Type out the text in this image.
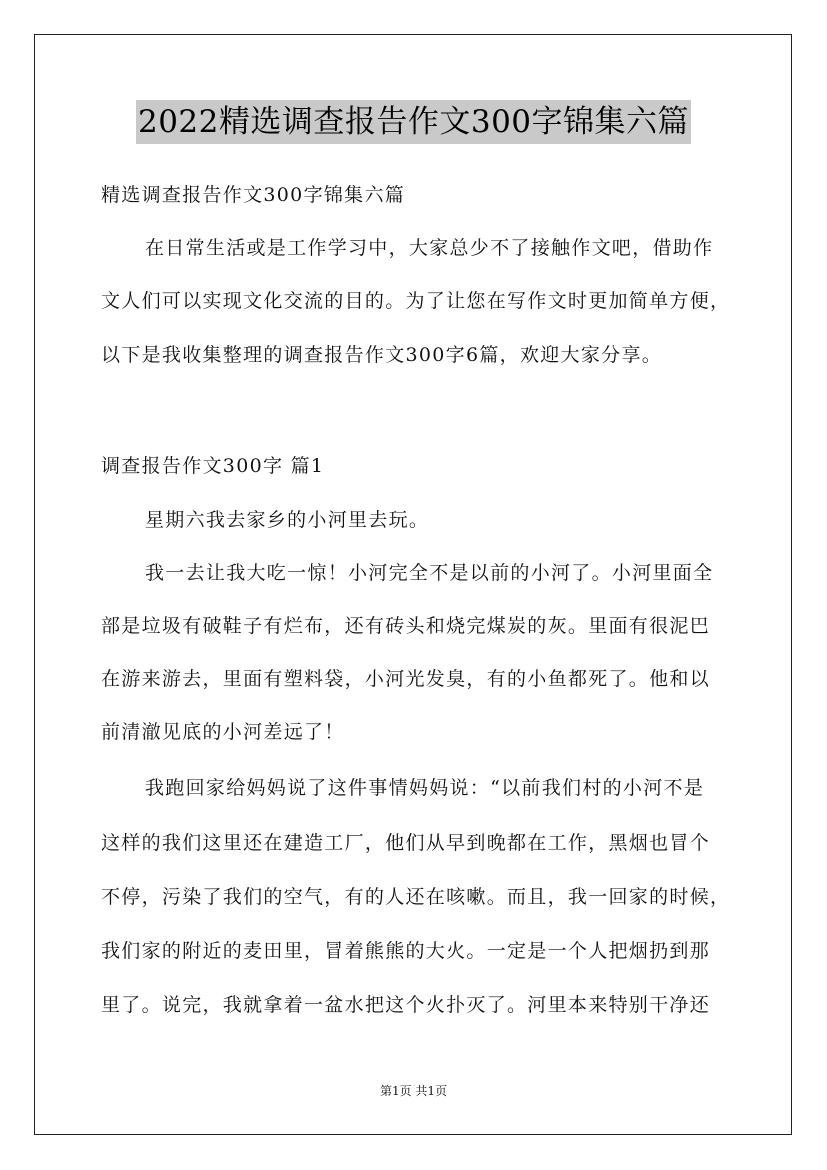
2022精选调查报告作文300字锦集六篇
精选调查报告作文300字锦集六篇
在日常生活或是工作学习中，大家总少不了接触作文吧，借助作
文人们可以实现文化交流的目的。为了让您在写作文时更加简单方便，
以下是我收集整理的调查报告作文300字6篇，欢迎大家分享。
调查报告作文300字 篇1
星期六我去家乡的小河里去玩。
我一去让我大吃一惊！小河完全不是以前的小河了。小河里面全
部是垃圾有破鞋子有烂布，还有砖头和烧完煤炭的灰。里面有很泥巴
在游来游去，里面有塑料袋，小河光发臭，有的小鱼都死了。他和以
前清澈见底的小河差远了！
我跑回家给妈妈说了这件事情妈妈说：“以前我们村的小河不是
这样的我们这里还在建造工厂，他们从早到晚都在工作，黑烟也冒个
不停，污染了我们的空气，有的人还在咳嗽。而且，我一回家的时候，
我们家的附近的麦田里，冒着熊熊的大火。一定是一个人把烟扔到那
里了。说完，我就拿着一盆水把这个火扑灭了。河里本来特别干净还
第1页 共1页
